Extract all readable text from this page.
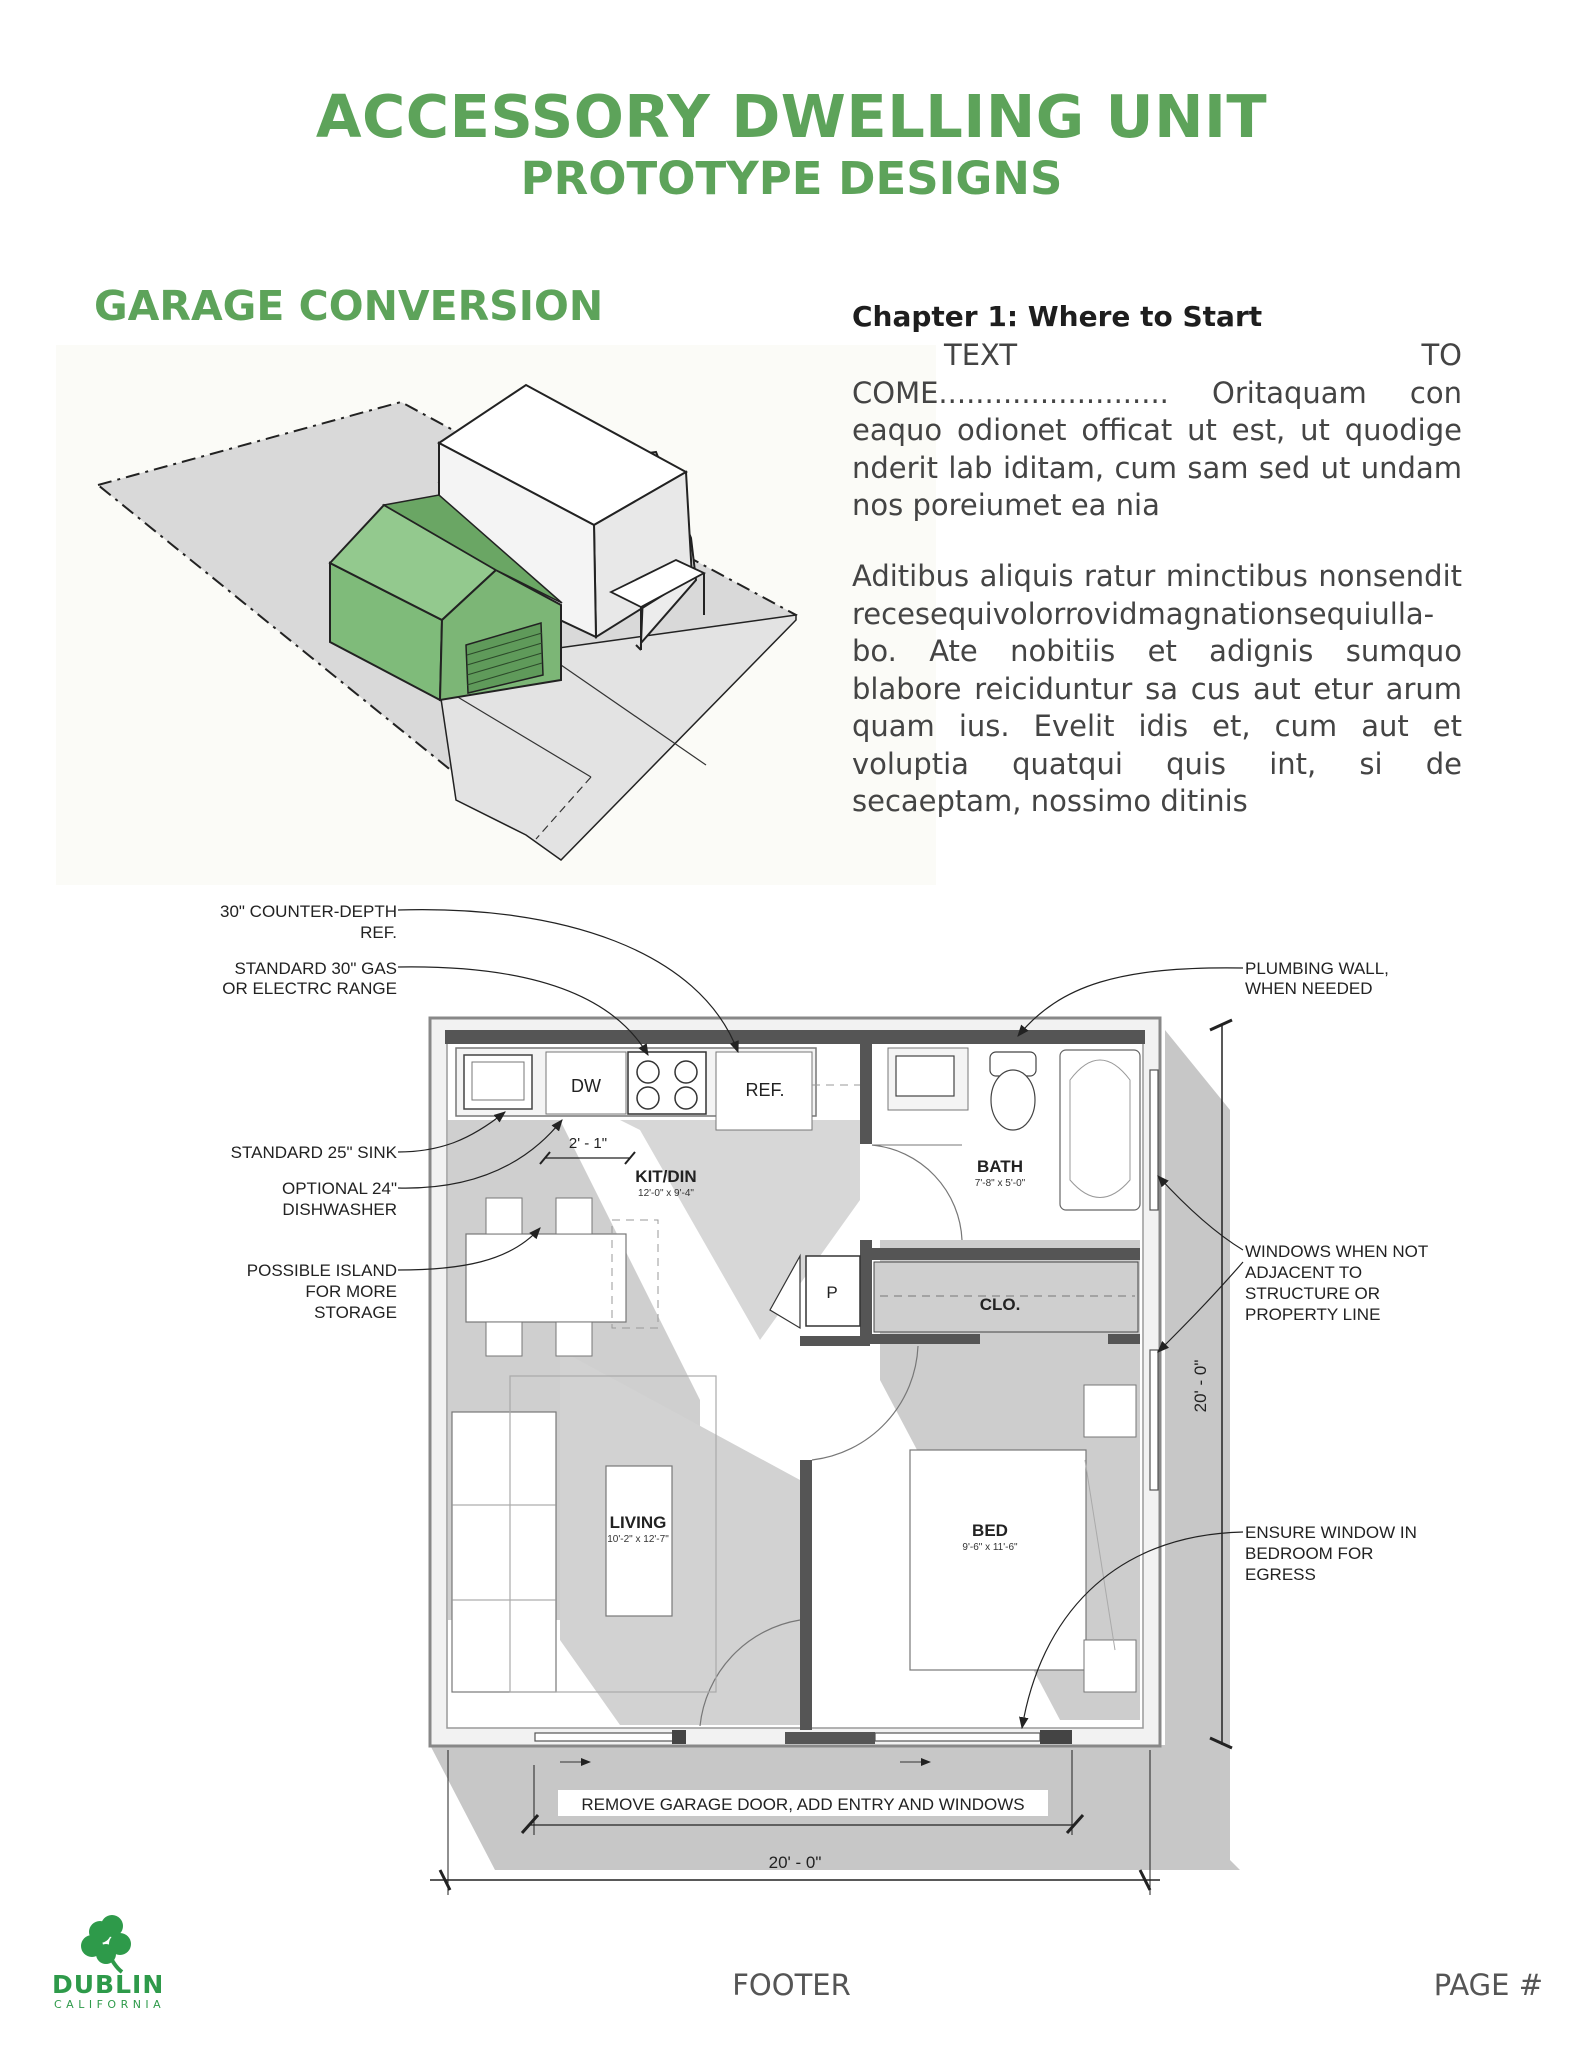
ACCESSORY DWELLING UNIT
PROTOTYPE DESIGNS
GARAGE CONVERSION	Chapter 1: Where to Start
TEXT TO COME......................... Oritaquam con eaquo odionet officat ut est, ut quodige nderit lab iditam, cum sam sed ut undam nos poreiumet ea nia
Aditibus aliquis ratur minctibus nonsendit recesequivolorrovidmagnationsequiulla-bo. Ate nobitiis et adignis sumquo blabore reiciduntur sa cus aut etur arum quam ius. Evelit idis et, cum aut et voluptia quatqui quis int, si de secaeptam, nossimo ditinis
DW	REF.
2' - 1"
KIT/DIN
12'-0" x 9'-4"
P
CLO.
BATH
7'-8" x 5'-0"
LIVING
10'-2" x 12'-7"	BED
9'-6" x 11'-6"
20' - 0"
20' - 0"
REMOVE GARAGE DOOR, ADD ENTRY AND WINDOWS
30" COUNTER-DEPTH
REF.
STANDARD 30" GAS
OR ELECTRC RANGE
STANDARD 25" SINK
OPTIONAL 24"
DISHWASHER
POSSIBLE ISLAND
FOR MORE
STORAGE
PLUMBING WALL,
WHEN NEEDED
WINDOWS WHEN NOT
ADJACENT TO
STRUCTURE OR
PROPERTY LINE
ENSURE WINDOW IN
BEDROOM FOR
EGRESS
DUBLIN
CALIFORNIA
FOOTER	PAGE #
